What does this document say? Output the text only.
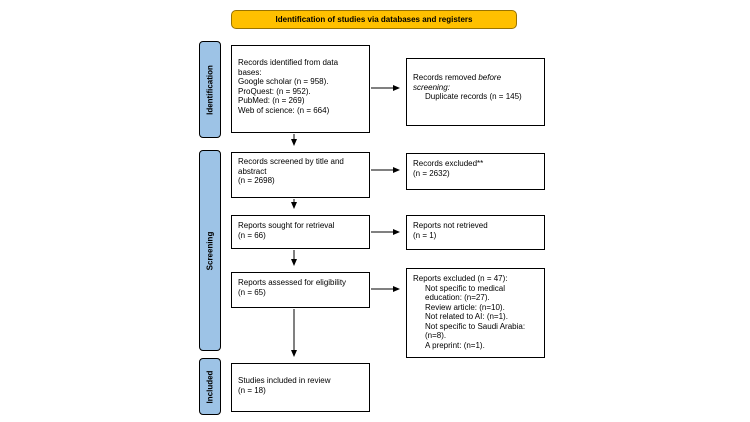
Identification of studies via databases and registers
Identification
Screening
Included
Records identified from data
bases:
Google scholar (n = 958).
ProQuest: (n = 952).
PubMed: (n = 269)
Web of science: (n = 664)
Records screened by title and
abstract
(n = 2698)
Reports sought for retrieval
(n = 66)
Reports assessed for eligibility
(n = 65)
Studies included in review
(n = 18)
Records removed before
screening:
Duplicate records (n = 145)
Records excluded**
(n = 2632)
Reports not retrieved
(n = 1)
Reports excluded (n = 47):
Not specific to medical
education: (n=27).
Review article: (n=10).
Not related to AI: (n=1).
Not specific to Saudi Arabia:
(n=8).
A preprint: (n=1).
